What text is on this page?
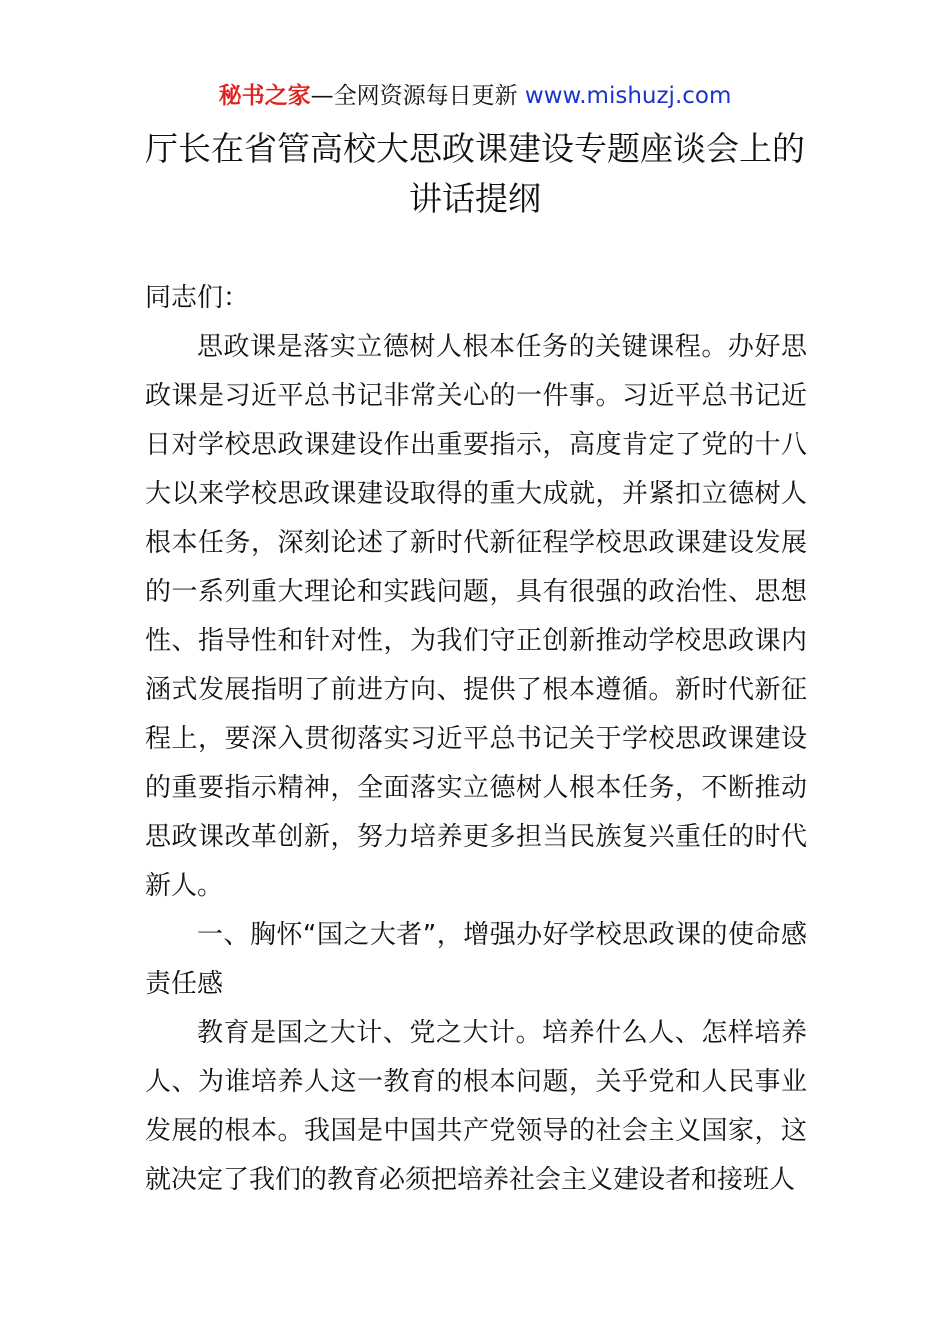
秘书之家—全网资源每日更新 www.mishuzj.com
厅长在省管高校大思政课建设专题座谈会上的
讲话提纲

同志们：

思政课是落实立德树人根本任务的关键课程。办好思政课是习近平总书记非常关心的一件事。习近平总书记近日对学校思政课建设作出重要指示，高度肯定了党的十八大以来学校思政课建设取得的重大成就，并紧扣立德树人根本任务，深刻论述了新时代新征程学校思政课建设发展的一系列重大理论和实践问题，具有很强的政治性、思想性、指导性和针对性，为我们守正创新推动学校思政课内涵式发展指明了前进方向、提供了根本遵循。新时代新征程上，要深入贯彻落实习近平总书记关于学校思政课建设的重要指示精神，全面落实立德树人根本任务，不断推动思政课改革创新，努力培养更多担当民族复兴重任的时代新人。

一、胸怀“国之大者”，增强办好学校思政课的使命感责任感

教育是国之大计、党之大计。培养什么人、怎样培养人、为谁培养人这一教育的根本问题，关乎党和人民事业发展的根本。我国是中国共产党领导的社会主义国家，这就决定了我们的教育必须把培养社会主义建设者和接班人
